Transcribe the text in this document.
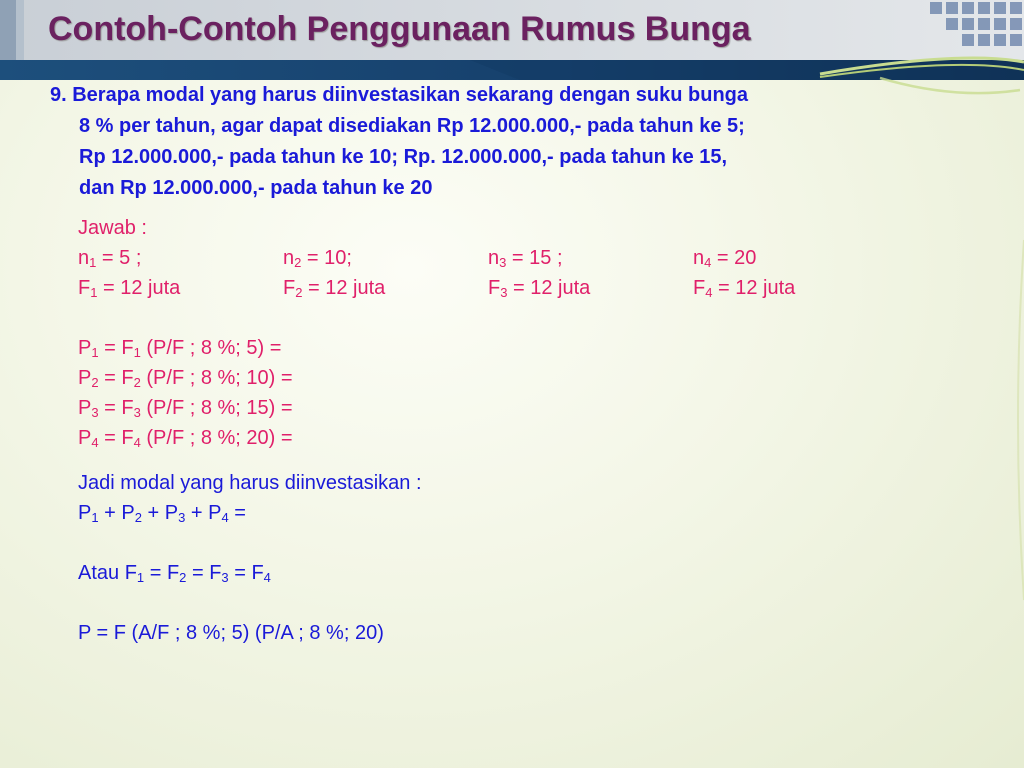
Contoh-Contoh Penggunaan Rumus Bunga
9. Berapa modal yang harus diinvestasikan sekarang dengan suku bunga
8 % per tahun, agar dapat disediakan Rp 12.000.000,- pada tahun ke 5;
Rp 12.000.000,- pada tahun ke 10; Rp. 12.000.000,- pada tahun ke 15,
dan Rp 12.000.000,- pada tahun ke 20
Jawab :
$n_1 = 5$ ;	$n_2 = 10$;	$n_3 = 15$ ;	$n_4 = 20$
$F_1 = 12$ juta	$F_2 = 12$ juta	$F_3 = 12$ juta	$F_4 = 12$ juta
$P_1 = F_1$ (P/F ; 8 %; 5) =
$P_2 = F_2$ (P/F ; 8 %; 10) =
$P_3 = F_3$ (P/F ; 8 %; 15) =
$P_4 = F_4$ (P/F ; 8 %; 20) =
Jadi modal yang harus diinvestasikan :
$P_1 + P_2 + P_3 + P_4$ =
Atau $F_1 = F_2 = F_3 = F_4$
P = F (A/F ; 8 %; 5) (P/A ; 8 %; 20)
